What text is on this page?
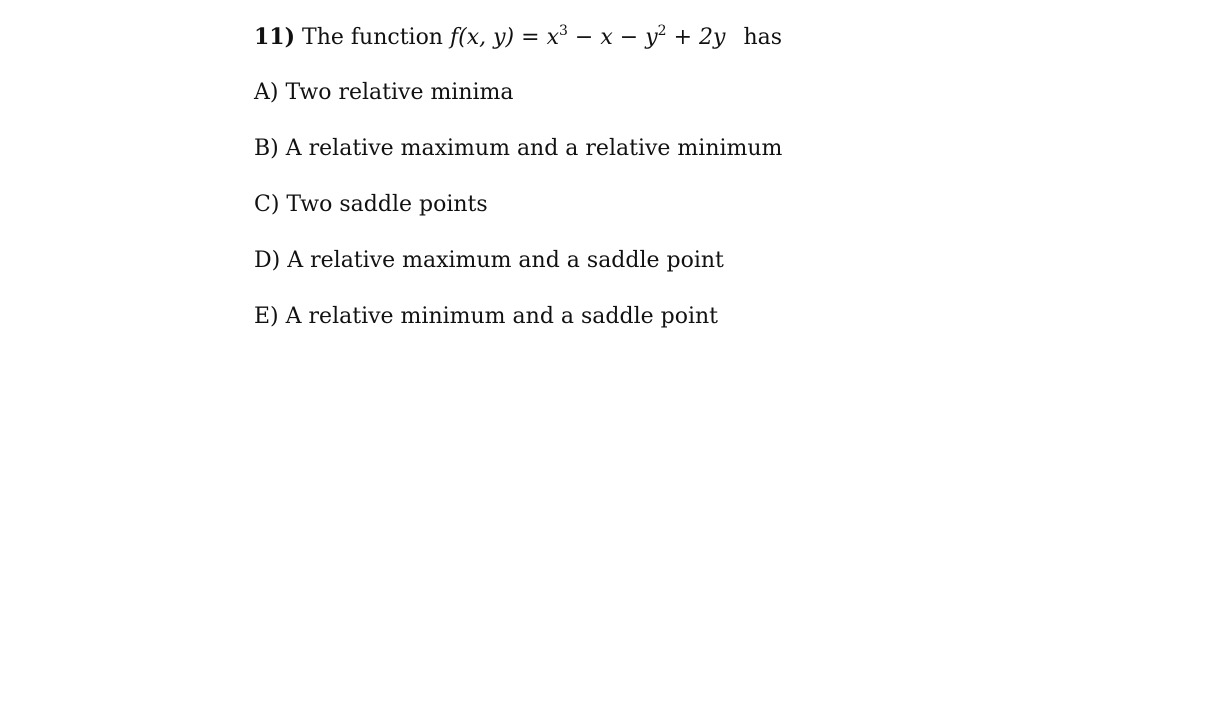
11) The function f(x, $y) = x^3 - x - y^2 + 2y$ has
A) Two relative minima
B) A relative maximum and a relative minimum
C) Two saddle points
D) A relative maximum and a saddle point
E) A relative minimum and a saddle point
